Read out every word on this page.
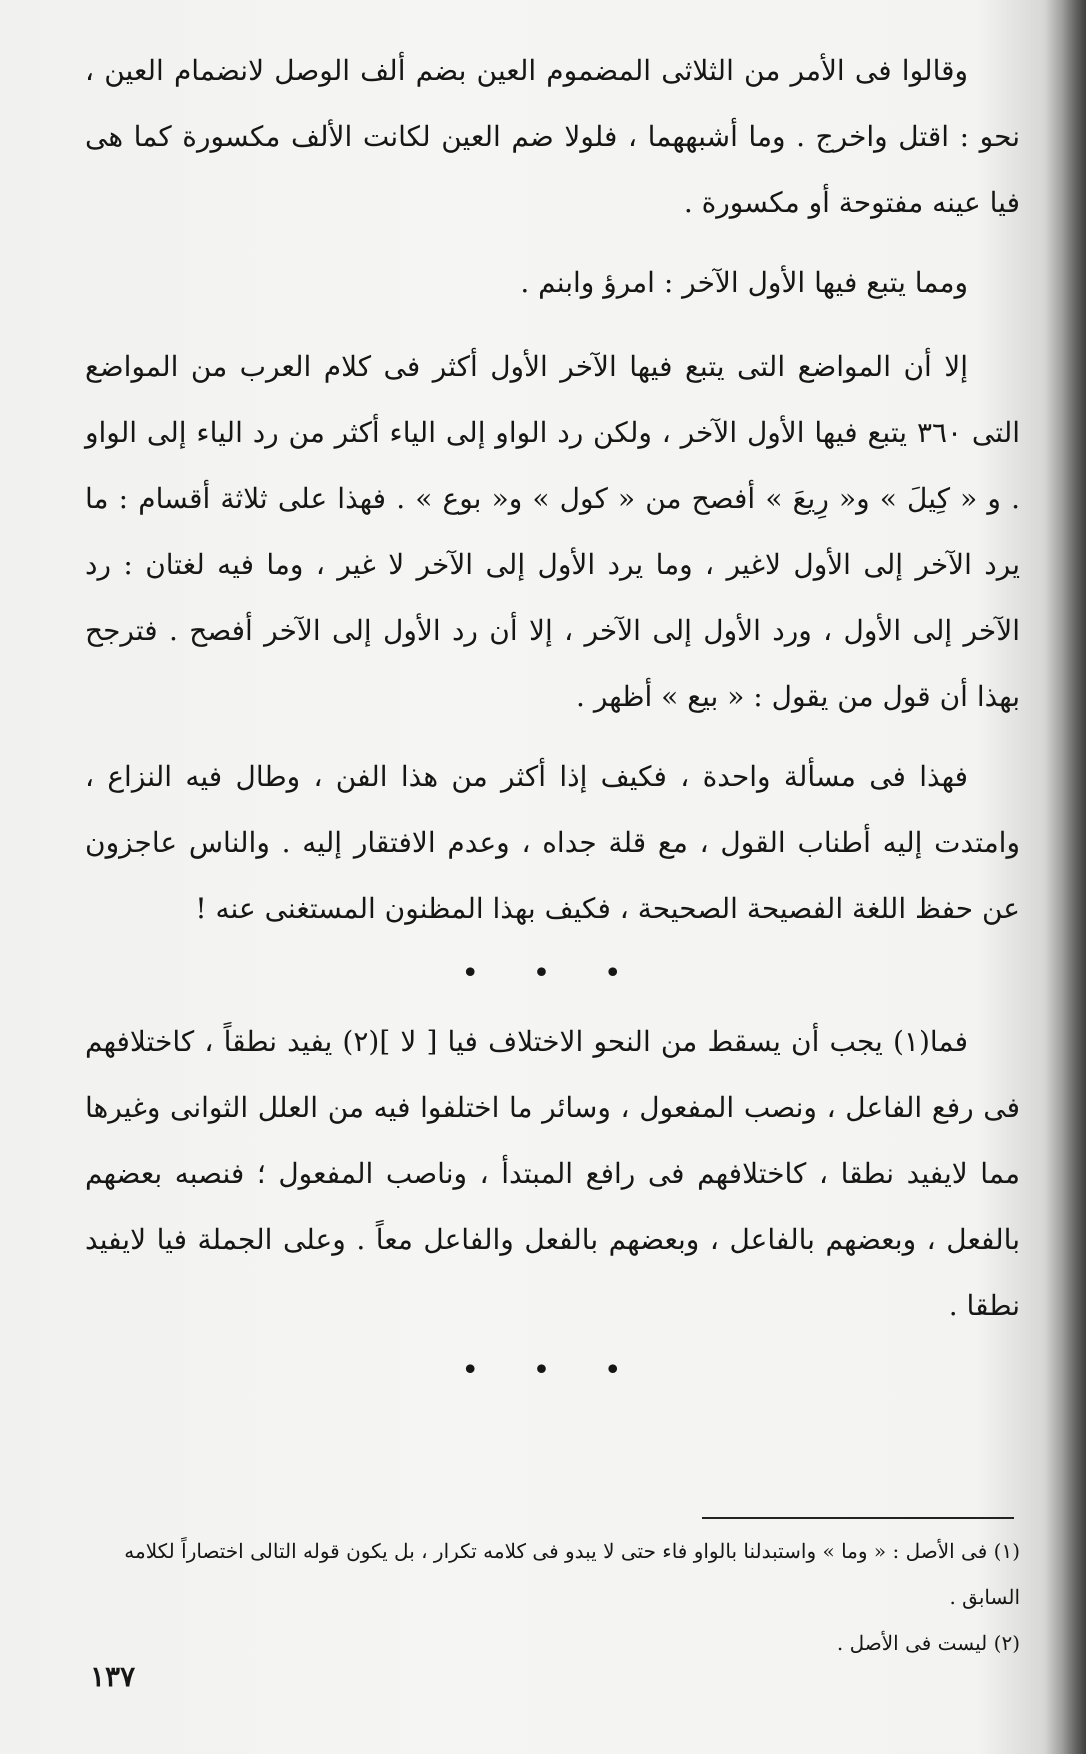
وقالوا فى الأمر من الثلاثى المضموم العين بضم ألف الوصل لانضمام العين ، نحو : اقتل واخرج . وما أشبههما ، فلولا ضم العين لكانت الألف مكسورة كما هى فيا عينه مفتوحة أو مكسورة .

ومما يتبع فيها الأول الآخر : امرؤ وابنم .

إلا أن المواضع التى يتبع فيها الآخر الأول أكثر فى كلام العرب من المواضع التى ٣٦٠ يتبع فيها الأول الآخر ، ولكن رد الواو إلى الياء أكثر من رد الياء إلى الواو . و « كِيلَ » و« رِيعَ » أفصح من « كول » و« بوع » . فهذا على ثلاثة أقسام : ما يرد الآخر إلى الأول لاغير ، وما يرد الأول إلى الآخر لا غير ، وما فيه لغتان : رد الآخر إلى الأول ، ورد الأول إلى الآخر ، إلا أن رد الأول إلى الآخر أفصح . فترجح بهذا أن قول من يقول : « بيع » أظهر .

فهذا فى مسألة واحدة ، فكيف إذا أكثر من هذا الفن ، وطال فيه النزاع ، وامتدت إليه أطناب القول ، مع قلة جداه ، وعدم الافتقار إليه . والناس عاجزون عن حفظ اللغة الفصيحة الصحيحة ، فكيف بهذا المظنون المستغنى عنه !

• • •

فما(١) يجب أن يسقط من النحو الاختلاف فيا [ لا ](٢) يفيد نطقاً ، كاختلافهم فى رفع الفاعل ، ونصب المفعول ، وسائر ما اختلفوا فيه من العلل الثوانى وغيرها مما لايفيد نطقا ، كاختلافهم فى رافع المبتدأ ، وناصب المفعول ؛ فنصبه بعضهم بالفعل ، وبعضهم بالفاعل ، وبعضهم بالفعل والفاعل معاً . وعلى الجملة فيا لايفيد نطقا .

• • •

(١) فى الأصل : « وما » واستبدلنا بالواو فاء حتى لا يبدو فى كلامه تكرار ، بل يكون قوله التالى اختصاراً لكلامه السابق .

(٢) ليست فى الأصل .

١٣٧
